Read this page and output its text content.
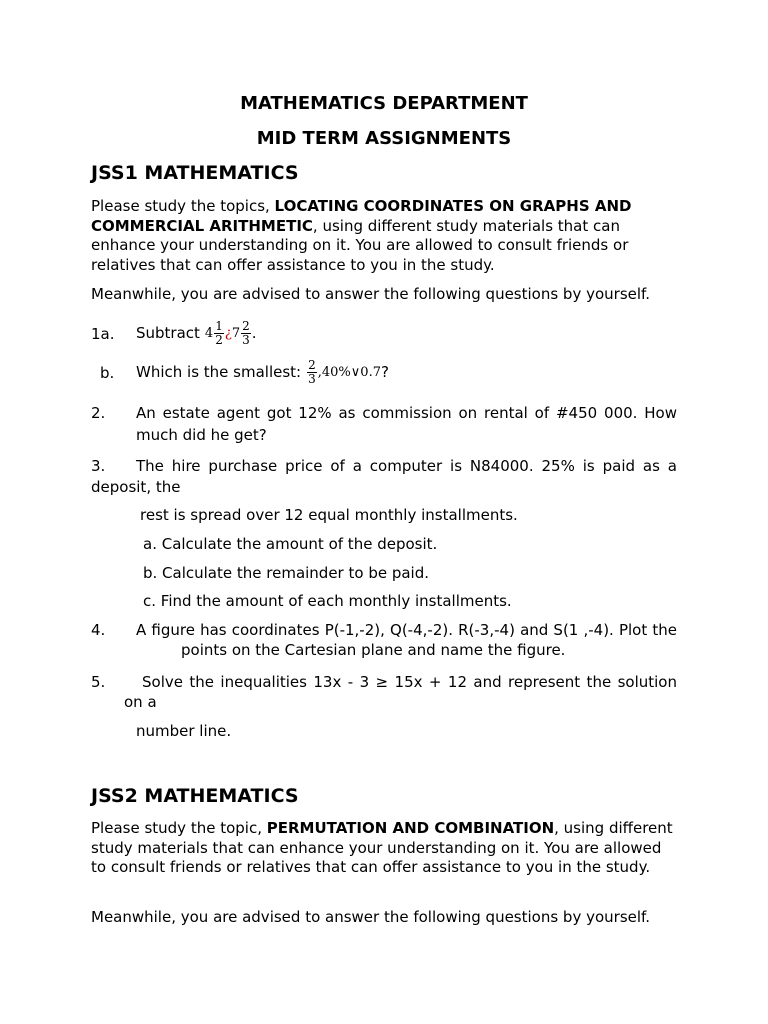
MATHEMATICS DEPARTMENT
MID TERM ASSIGNMENTS
JSS1 MATHEMATICS
Please study the topics, LOCATING COORDINATES ON GRAPHS AND COMMERCIAL ARITHMETIC, using different study materials that can enhance your understanding on it. You are allowed to consult friends or relatives that can offer assistance to you in the study.
Meanwhile, you are advised to answer the following questions by yourself.
1a. Subtract $4 \frac{1}{2}$ ¿ $7 \frac{2}{3}$ .
b. Which is the smallest: $\frac{2}{3}$ ,40%∨0.7 ?
2. An estate agent got 12% as commission on rental of #450 000. How
much did he get?
3. The hire purchase price of a computer is N84000. 25% is paid as a
deposit, the
rest is spread over 12 equal monthly installments.
a. Calculate the amount of the deposit.
b. Calculate the remainder to be paid.
c. Find the amount of each monthly installments.
4. A figure has coordinates P(-1,-2), Q(-4,-2). R(-3,-4) and S(1 ,-4). Plot the
points on the Cartesian plane and name the figure.
5. Solve the inequalities 13x - 3 ≥ 15x + 12 and represent the solution
on a
number line.
JSS2 MATHEMATICS
Please study the topic, PERMUTATION AND COMBINATION, using different study materials that can enhance your understanding on it. You are allowed to consult friends or relatives that can offer assistance to you in the study.
Meanwhile, you are advised to answer the following questions by yourself.
